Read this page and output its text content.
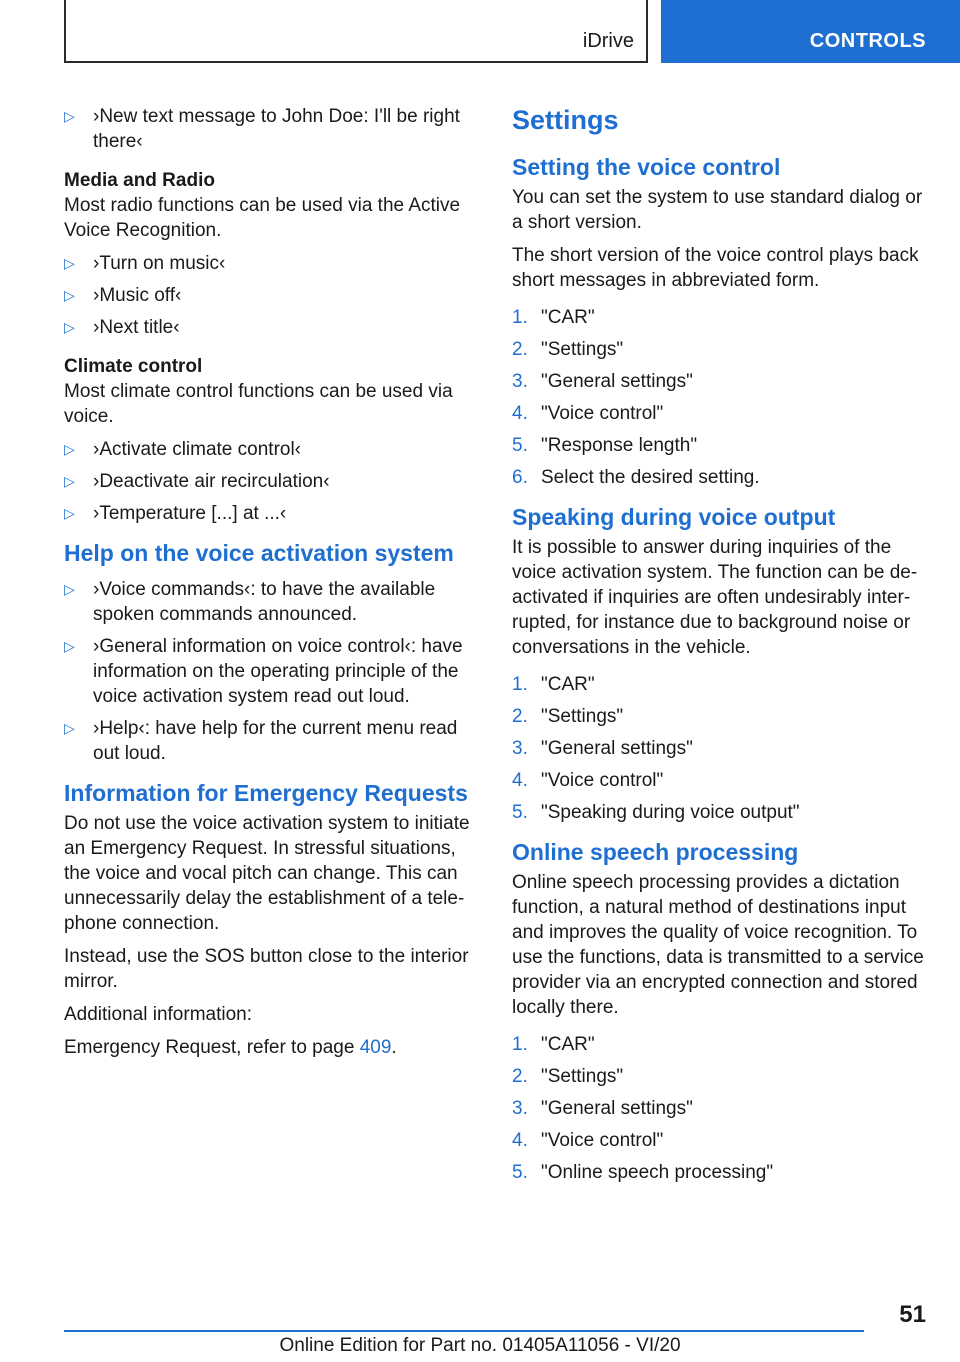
iDrive	CONTROLS
▷ ›New text message to John Doe: I'll be right there‹

Media and Radio

Most radio functions can be used via the Active Voice Recognition.

▷ ›Turn on music‹
▷ ›Music off‹
▷ ›Next title‹

Climate control

Most climate control functions can be used via voice.

▷ ›Activate climate control‹
▷ ›Deactivate air recirculation‹
▷ ›Temperature [...] at ...‹
Help on the voice activation system
▷ ›Voice commands‹: to have the available spoken commands announced.
▷ ›General information on voice control‹: have information on the operating principle of the voice activation system read out loud.
▷ ›Help‹: have help for the current menu read out loud.
Information for Emergency Requests

Do not use the voice activation system to initiate an Emergency Request. In stressful situations, the voice and vocal pitch can change. This can unnecessarily delay the establishment of a telephone connection.

Instead, use the SOS button close to the interior mirror.

Additional information:

Emergency Request, refer to page 409.

Settings
Setting the voice control

You can set the system to use standard dialog or a short version.

The short version of the voice control plays back short messages in abbreviated form.

1. "CAR"
2. "Settings"
3. "General settings"
4. "Voice control"
5. "Response length"
6. Select the desired setting.
Speaking during voice output

It is possible to answer during inquiries of the voice activation system. The function can be deactivated if inquiries are often undesirably interrupted, for instance due to background noise or conversations in the vehicle.

1. "CAR"
2. "Settings"
3. "General settings"
4. "Voice control"
5. "Speaking during voice output"
Online speech processing

Online speech processing provides a dictation function, a natural method of destinations input and improves the quality of voice recognition. To use the functions, data is transmitted to a service provider via an encrypted connection and stored locally there.

1. "CAR"
2. "Settings"
3. "General settings"
4. "Voice control"
5. "Online speech processing"
51
Online Edition for Part no. 01405A11056 - VI/20
